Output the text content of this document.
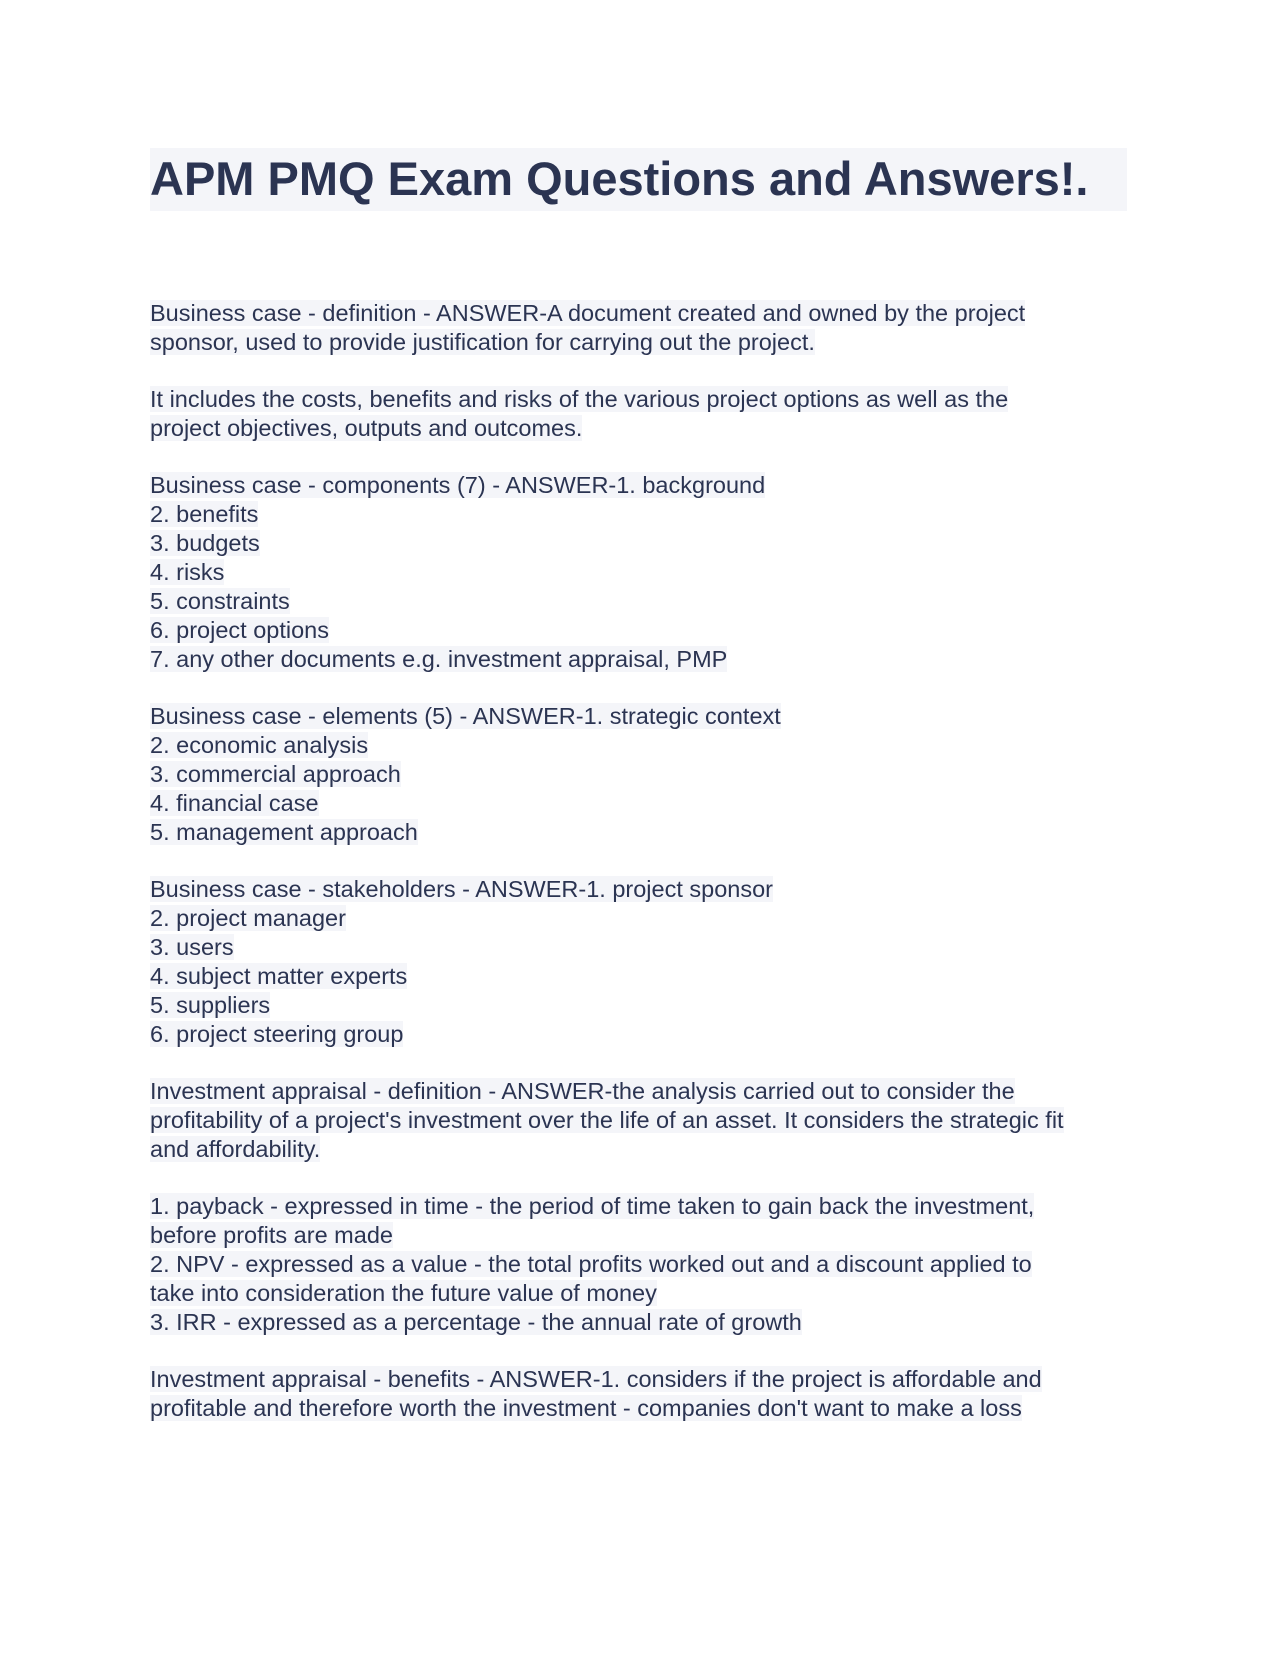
APM PMQ Exam Questions and Answers!.
Business case - definition - ANSWER-A document created and owned by the project
sponsor, used to provide justification for carrying out the project.
It includes the costs, benefits and risks of the various project options as well as the
project objectives, outputs and outcomes.
Business case - components (7) - ANSWER-1. background
2. benefits
3. budgets
4. risks
5. constraints
6. project options
7. any other documents e.g. investment appraisal, PMP
Business case - elements (5) - ANSWER-1. strategic context
2. economic analysis
3. commercial approach
4. financial case
5. management approach
Business case - stakeholders - ANSWER-1. project sponsor
2. project manager
3. users
4. subject matter experts
5. suppliers
6. project steering group
Investment appraisal - definition - ANSWER-the analysis carried out to consider the
profitability of a project's investment over the life of an asset. It considers the strategic fit
and affordability.
1. payback - expressed in time - the period of time taken to gain back the investment,
before profits are made
2. NPV - expressed as a value - the total profits worked out and a discount applied to
take into consideration the future value of money
3. IRR - expressed as a percentage - the annual rate of growth
Investment appraisal - benefits - ANSWER-1. considers if the project is affordable and
profitable and therefore worth the investment - companies don't want to make a loss
